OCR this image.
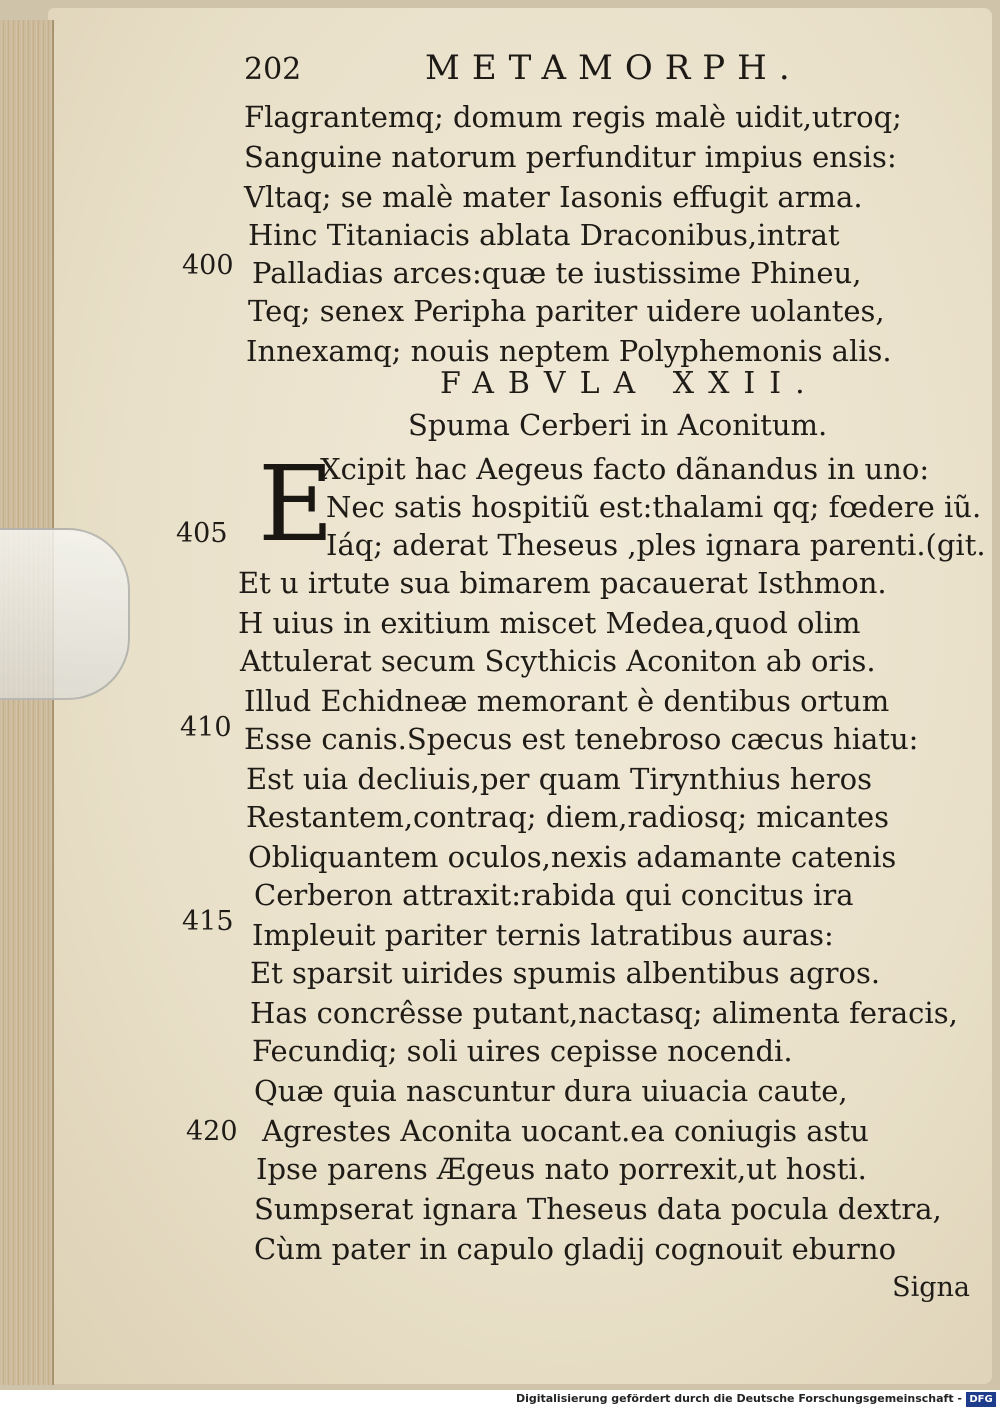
202	METAMORPH.
Flagrantemq; domum regis malè uidit,utroq;
Sanguine natorum perfunditur impius ensis:
Vltaq; se malè mater Iasonis effugit arma.
Hinc Titaniacis ablata Draconibus,intrat
Palladias arces:quæ te iustissime Phineu,
Teq; senex Peripha pariter uidere uolantes,
Innexamq; nouis neptem Polyphemonis alis.
FABVLA XXII.
Spuma Cerberi in Aconitum.
E
Xcipit hac Aegeus facto dãnandus in uno:
Nec satis hospitiũ est:thalami qq; fœdere iũ.
Iáq; aderat Theseus ,ples ignara parenti.(git.
Et u irtute sua bimarem pacauerat Isthmon.
H uius in exitium miscet Medea,quod olim
Attulerat secum Scythicis Aconiton ab oris.
Illud Echidneæ memorant è dentibus ortum
Esse canis.Specus est tenebroso cæcus hiatu:
Est uia decliuis,per quam Tirynthius heros
Restantem,contraq; diem,radiosq; micantes
Obliquantem oculos,nexis adamante catenis
Cerberon attraxit:rabida qui concitus ira
Impleuit pariter ternis latratibus auras:
Et sparsit uirides spumis albentibus agros.
Has concrêsse putant,nactasq; alimenta feracis,
Fecundiq; soli uires cepisse nocendi.
Quæ quia nascuntur dura uiuacia caute,
Agrestes Aconita uocant.ea coniugis astu
Ipse parens Ægeus nato porrexit,ut hosti.
Sumpserat ignara Theseus data pocula dextra,
Cùm pater in capulo gladij cognouit eburno
400
405
410
415
420
Signa
Digitalisierung gefördert durch die Deutsche Forschungsgemeinschaft - DFG
